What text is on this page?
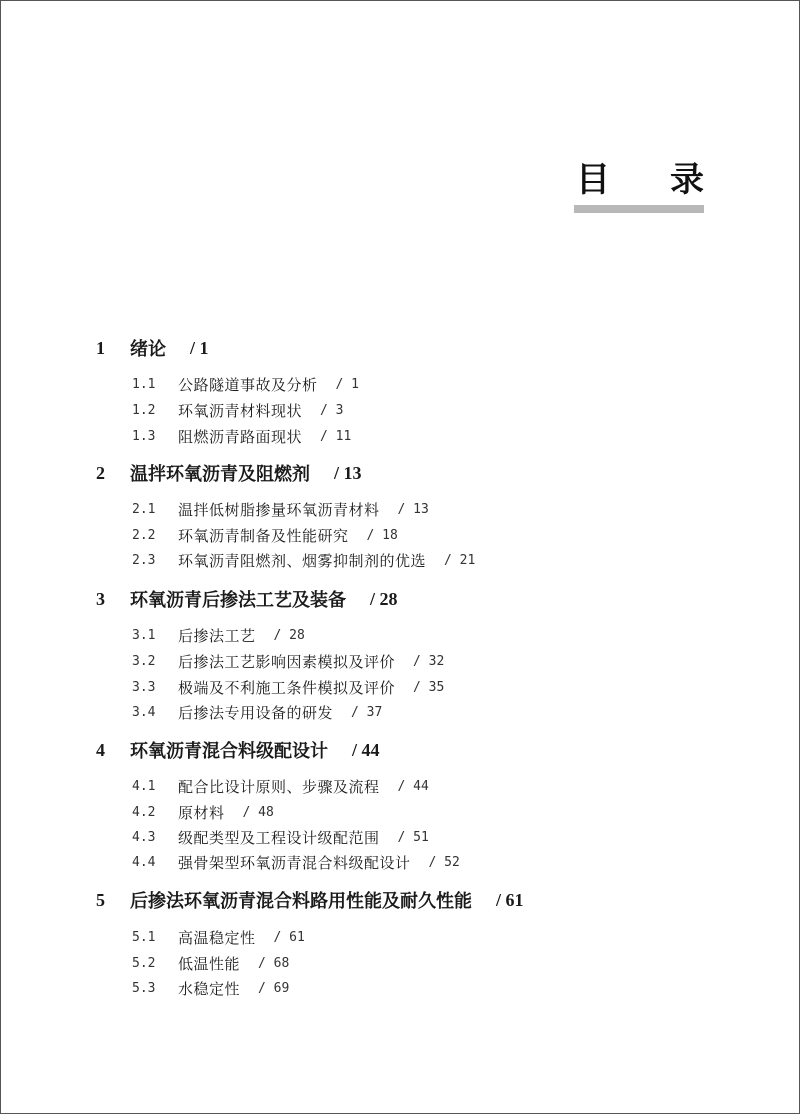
目 录
1	绪论 / 1
1.1	公路隧道事故及分析 / 1
1.2	环氧沥青材料现状 / 3
1.3	阻燃沥青路面现状 / 11
2	温拌环氧沥青及阻燃剂 / 13
2.1	温拌低树脂掺量环氧沥青材料 / 13
2.2	环氧沥青制备及性能研究 / 18
2.3	环氧沥青阻燃剂、烟雾抑制剂的优选 / 21
3	环氧沥青后掺法工艺及装备 / 28
3.1	后掺法工艺 / 28
3.2	后掺法工艺影响因素模拟及评价 / 32
3.3	极端及不利施工条件模拟及评价 / 35
3.4	后掺法专用设备的研发 / 37
4	环氧沥青混合料级配设计 / 44
4.1	配合比设计原则、步骤及流程 / 44
4.2	原材料 / 48
4.3	级配类型及工程设计级配范围 / 51
4.4	强骨架型环氧沥青混合料级配设计 / 52
5	后掺法环氧沥青混合料路用性能及耐久性能 / 61
5.1	高温稳定性 / 61
5.2	低温性能 / 68
5.3	水稳定性 / 69
